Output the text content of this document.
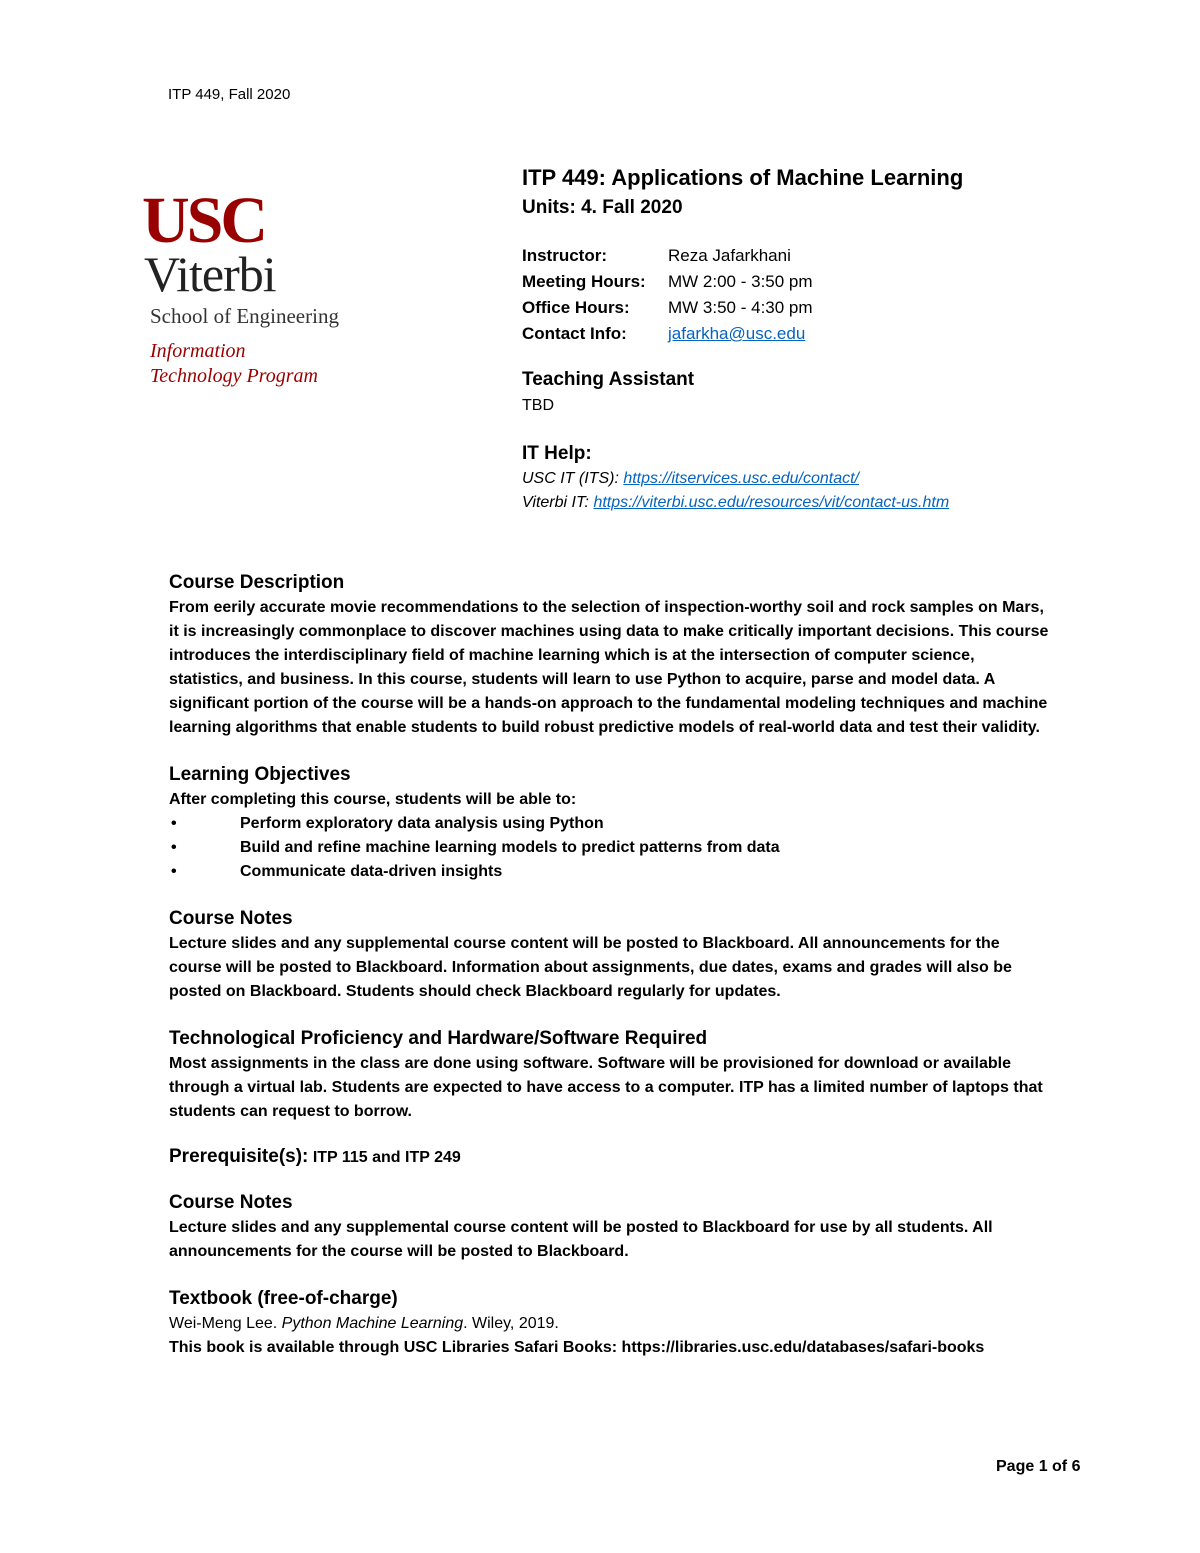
ITP 449, Fall 2020
USC
Viterbi
School of Engineering
Information
Technology Program
ITP 449: Applications of Machine Learning
Units: 4. Fall 2020
Instructor:	Reza Jafarkhani
Meeting Hours:	MW 2:00 - 3:50 pm
Office Hours:	MW 3:50 - 4:30 pm
Contact Info:	jafarkha@usc.edu
Teaching Assistant
TBD
IT Help:
USC IT (ITS): https://itservices.usc.edu/contact/
Viterbi IT: https://viterbi.usc.edu/resources/vit/contact-us.htm
Course Description
From eerily accurate movie recommendations to the selection of inspection-worthy soil and rock samples on Mars, it is increasingly commonplace to discover machines using data to make critically important decisions. This course introduces the interdisciplinary field of machine learning which is at the intersection of computer science, statistics, and business. In this course, students will learn to use Python to acquire, parse and model data. A significant portion of the course will be a hands-on approach to the fundamental modeling techniques and machine learning algorithms that enable students to build robust predictive models of real-world data and test their validity.
Learning Objectives
After completing this course, students will be able to:
•	Perform exploratory data analysis using Python
•	Build and refine machine learning models to predict patterns from data
•	Communicate data-driven insights
Course Notes
Lecture slides and any supplemental course content will be posted to Blackboard. All announcements for the course will be posted to Blackboard. Information about assignments, due dates, exams and grades will also be posted on Blackboard. Students should check Blackboard regularly for updates.
Technological Proficiency and Hardware/Software Required
Most assignments in the class are done using software. Software will be provisioned for download or available through a virtual lab. Students are expected to have access to a computer. ITP has a limited number of laptops that students can request to borrow.
Prerequisite(s): ITP 115 and ITP 249
Course Notes
Lecture slides and any supplemental course content will be posted to Blackboard for use by all students. All announcements for the course will be posted to Blackboard.
Textbook (free-of-charge)
Wei-Meng Lee. Python Machine Learning. Wiley, 2019.
This book is available through USC Libraries Safari Books: https://libraries.usc.edu/databases/safari-books
Page 1 of 6
